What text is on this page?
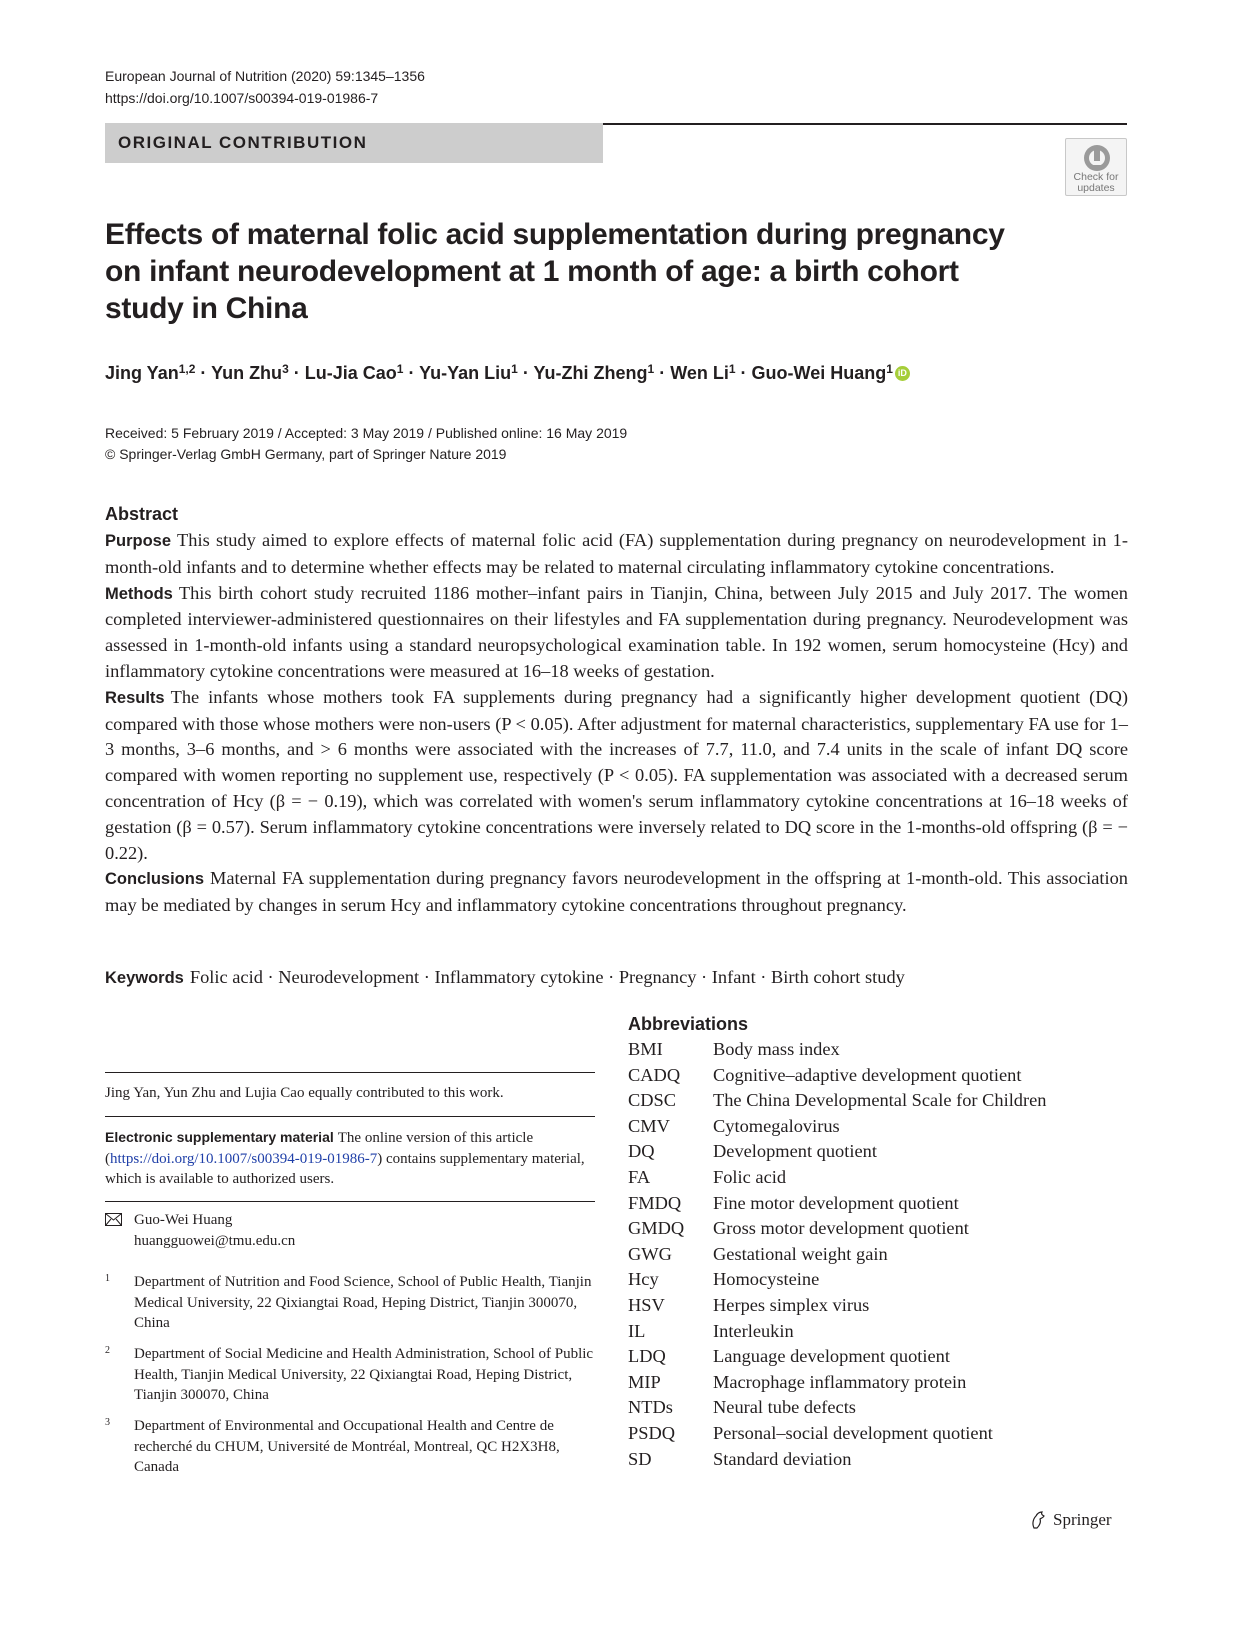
European Journal of Nutrition (2020) 59:1345–1356
https://doi.org/10.1007/s00394-019-01986-7
ORIGINAL CONTRIBUTION
Check for
updates
Effects of maternal folic acid supplementation during pregnancy on infant neurodevelopment at 1 month of age: a birth cohort study in China
Jing Yan$^{1,2}$ · Yun Zhu$^3$ · Lu-Jia Cao$^1$ · Yu-Yan Liu$^1$ · Yu-Zhi Zheng$^1$ · Wen $Li^1 \cdot Guo-Wei$ Huang$^1$ iD
Received: 5 February 2019 / Accepted: 3 May 2019 / Published online: 16 May 2019
© Springer-Verlag GmbH Germany, part of Springer Nature 2019
Abstract

Purpose This study aimed to explore effects of maternal folic acid (FA) supplementation during pregnancy on neurodevelopment in 1-month-old infants and to determine whether effects may be related to maternal circulating inflammatory cytokine concentrations.

Methods This birth cohort study recruited 1186 mother–infant pairs in Tianjin, China, between July 2015 and July 2017. The women completed interviewer-administered questionnaires on their lifestyles and FA supplementation during pregnancy. Neurodevelopment was assessed in 1-month-old infants using a standard neuropsychological examination table. In 192 women, serum homocysteine (Hcy) and inflammatory cytokine concentrations were measured at 16–18 weeks of gestation.

Results The infants whose mothers took FA supplements during pregnancy had a significantly higher development quotient (DQ) compared with those whose mothers were non-users (P < 0.05). After adjustment for maternal characteristics, supplementary FA use for 1–3 months, 3–6 months, and > 6 months were associated with the increases of 7.7, 11.0, and 7.4 units in the scale of infant DQ score compared with women reporting no supplement use, respectively (P < 0.05). FA supplementation was associated with a decreased serum concentration of Hcy (β = − 0.19), which was correlated with women's serum inflammatory cytokine concentrations at 16–18 weeks of gestation (β = 0.57). Serum inflammatory cytokine concentrations were inversely related to DQ score in the 1-months-old offspring (β = − 0.22).

Conclusions Maternal FA supplementation during pregnancy favors neurodevelopment in the offspring at 1-month-old. This association may be mediated by changes in serum Hcy and inflammatory cytokine concentrations throughout pregnancy.

Keywords Folic acid · Neurodevelopment · Inflammatory cytokine · Pregnancy · Infant · Birth cohort study
Jing Yan, Yun Zhu and Lujia Cao equally contributed to this work.
Electronic supplementary material The online version of this article (https://doi.org/10.1007/s00394-019-01986-7) contains supplementary material, which is available to authorized users.
Guo-Wei Huang
huangguowei@tmu.edu.cn
1 Department of Nutrition and Food Science, School of Public Health, Tianjin Medical University, 22 Qixiangtai Road, Heping District, Tianjin 300070, China
2 Department of Social Medicine and Health Administration, School of Public Health, Tianjin Medical University, 22 Qixiangtai Road, Heping District, Tianjin 300070, China
3 Department of Environmental and Occupational Health and Centre de recherché du CHUM, Université de Montréal, Montreal, QC H2X3H8, Canada
Abbreviations
BMI	Body mass index
CADQ Cognitive–adaptive development quotient
CDSC The China Developmental Scale for Children
CMV Cytomegalovirus
DQ	Development quotient
FA	Folic acid
FMDQ Fine motor development quotient
GMDQ Gross motor development quotient
GWG Gestational weight gain
Hcy	Homocysteine
HSV	Herpes simplex virus
IL	Interleukin
LDQ	Language development quotient
MIP	Macrophage inflammatory protein
NTDs Neural tube defects
PSDQ Personal–social development quotient
SD	Standard deviation
Springer
